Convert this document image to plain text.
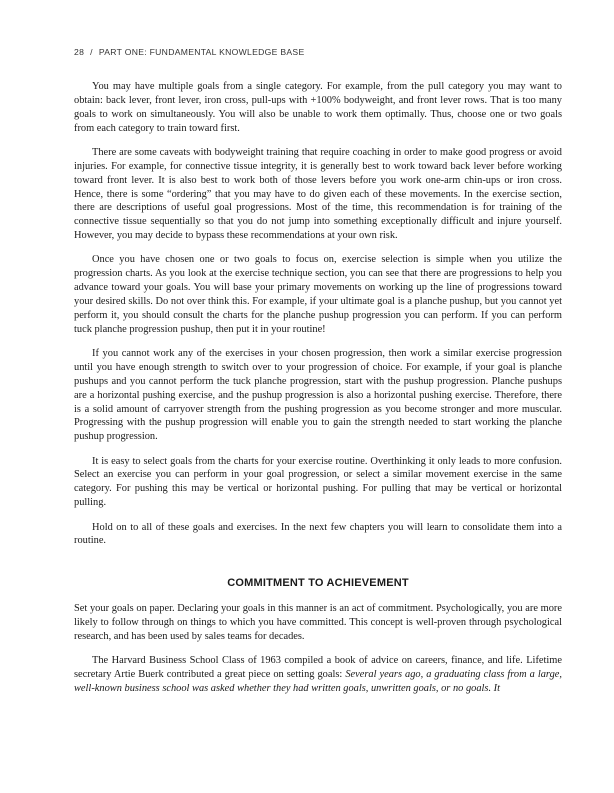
28 / PART ONE: FUNDAMENTAL KNOWLEDGE BASE

You may have multiple goals from a single category. For example, from the pull category you may want to obtain: back lever, front lever, iron cross, pull-ups with +100% bodyweight, and front lever rows. That is too many goals to work on simultaneously. You will also be unable to work them optimally. Thus, choose one or two goals from each category to train toward first.

There are some caveats with bodyweight training that require coaching in order to make good progress or avoid injuries. For example, for connective tissue integrity, it is generally best to work toward back lever before working toward front lever. It is also best to work both of those levers before you work one-arm chin-ups or iron cross. Hence, there is some “ordering” that you may have to do given each of these movements. In the exercise section, there are descriptions of useful goal progressions. Most of the time, this recommendation is for training of the connective tissue sequentially so that you do not jump into something exceptionally difficult and injure yourself. However, you may decide to bypass these recommendations at your own risk.

Once you have chosen one or two goals to focus on, exercise selection is simple when you utilize the progression charts. As you look at the exercise technique section, you can see that there are progressions to help you advance toward your goals. You will base your primary movements on working up the line of progressions toward your desired skills. Do not over think this. For example, if your ultimate goal is a planche pushup, but you cannot yet perform it, you should consult the charts for the planche pushup progression you can perform. If you can perform tuck planche progression pushup, then put it in your routine!

If you cannot work any of the exercises in your chosen progression, then work a similar exercise progression until you have enough strength to switch over to your progression of choice. For example, if your goal is planche pushups and you cannot perform the tuck planche progression, start with the pushup progression. Planche pushups are a horizontal pushing exercise, and the pushup progression is also a horizontal pushing exercise. Therefore, there is a solid amount of carryover strength from the pushing progression as you become stronger and more muscular. Progressing with the pushup progression will enable you to gain the strength needed to start working the planche pushup progression.

It is easy to select goals from the charts for your exercise routine. Overthinking it only leads to more confusion. Select an exercise you can perform in your goal progression, or select a similar movement exercise in the same category. For pushing this may be vertical or horizontal pushing. For pulling that may be vertical or horizontal pulling.

Hold on to all of these goals and exercises. In the next few chapters you will learn to consolidate them into a routine.

COMMITMENT TO ACHIEVEMENT

Set your goals on paper. Declaring your goals in this manner is an act of commitment. Psychologically, you are more likely to follow through on things to which you have committed. This concept is well-proven through psychological research, and has been used by sales teams for decades.

The Harvard Business School Class of 1963 compiled a book of advice on careers, finance, and life. Lifetime secretary Artie Buerk contributed a great piece on setting goals: Several years ago, a graduating class from a large, well-known business school was asked whether they had written goals, unwritten goals, or no goals. It
